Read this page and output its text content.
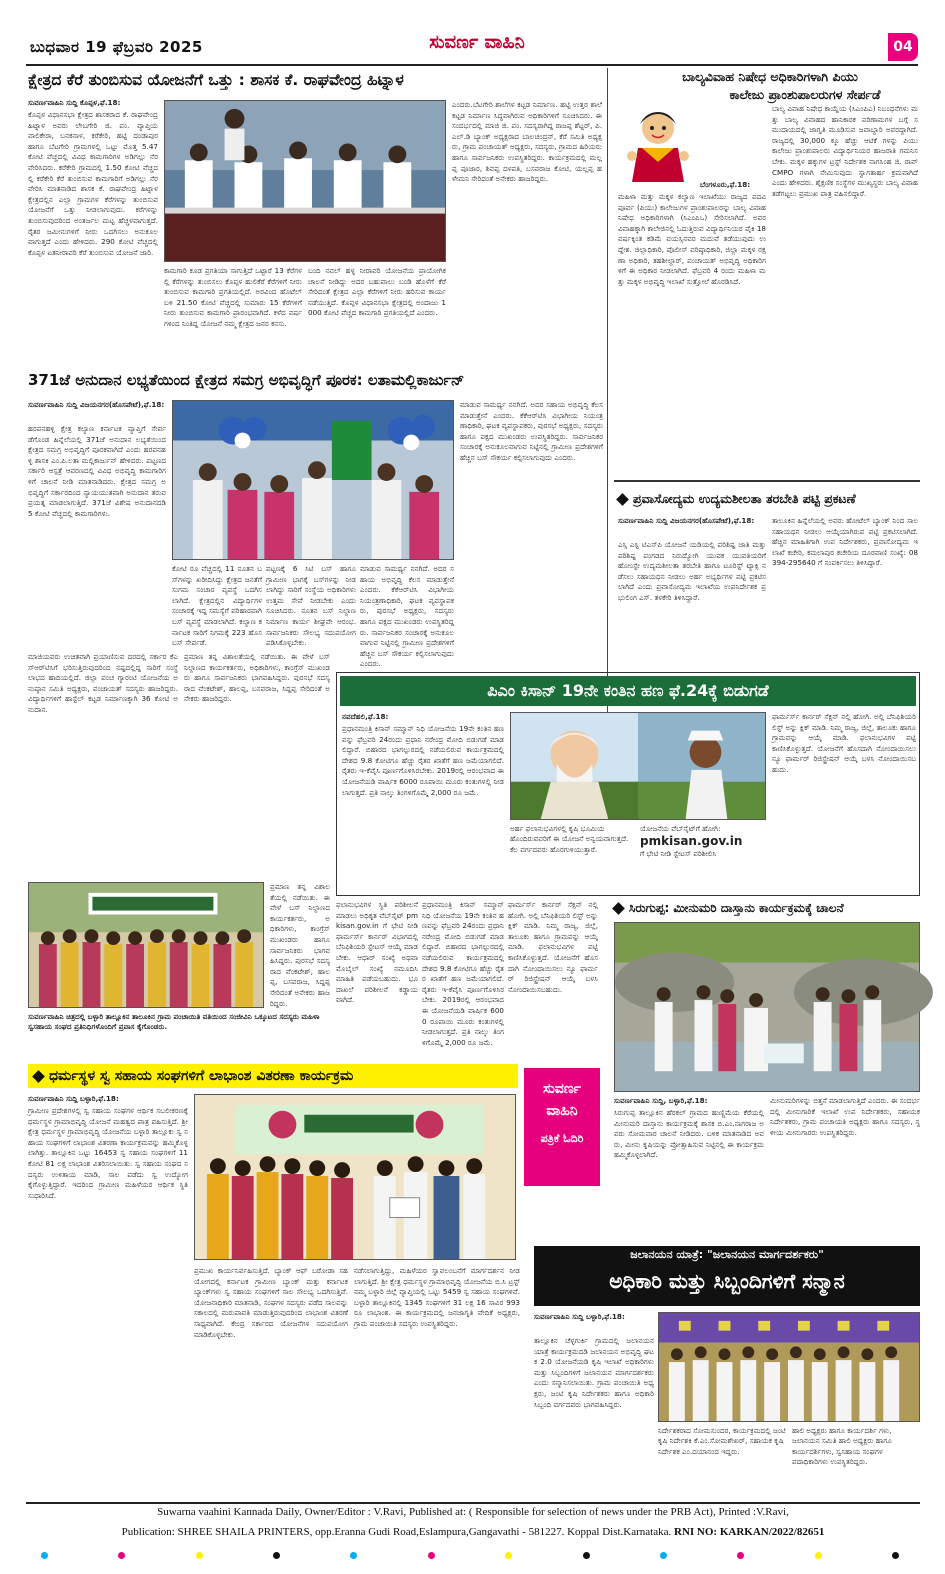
ಬುಧವಾರ 19 ಫೆಬ್ರವರಿ 2025	ಸುವರ್ಣ ವಾಹಿನಿ	04
ಕ್ಷೇತ್ರದ ಕೆರೆ ತುಂಬಿಸುವ ಯೋಜನೆಗೆ ಒತ್ತು : ಶಾಸಕ ಕೆ. ರಾಘವೇಂದ್ರ ಹಿಟ್ನಾಳ
ಸುವರ್ಣವಾಹಿನಿ ಸುದ್ದಿ ಕೊಪ್ಪಳ,ಫೆ.18:
ಕೊಪ್ಪಳ ವಿಧಾನಸಭಾ ಕ್ಷೇತ್ರದ ಶಾಸಕರಾದ ಕೆ. ರಾಘವೇಂದ್ರ ಹಿಟ್ನಾಳ ಅವರು ಲೇಬಗೇರಿ ಜಿ. ಪಂ. ವ್ಯಾಪ್ತಿಯ ವಾಲಿಕೇರಾ, ಬನಕನಾಳ, ಕರೆಕೇರಿ, ಹಟ್ಟಿ ದಂಡಾಪುರ ಹಾಗೂ ಬೆಟಗೇರಿ ಗ್ರಾಮಗಳಲ್ಲಿ ಒಟ್ಟು ಮೊತ್ತ 5.47 ಕೋಟಿ ವೆಚ್ಚದಲ್ಲಿ ವಿವಿಧ ಕಾಮಗಾರಿಗಳ ಅಡಿಗಲ್ಲು ನೆರವೇರಿಸಿದರು. ಕರೆಕೇರಿ ಗ್ರಾಮದಲ್ಲಿ 1.50 ಕೋಟಿ ವೆಚ್ಚದಲ್ಲಿ ಕರೆಕೇರಿ ಕೆರೆ ತುಂಬಿಸುವ ಕಾಮಗಾರಿಗೆ ಅಡಿಗಲ್ಲು ನೆರವೇರಿಸಿ ಮಾತನಾಡಿದ ಶಾಸಕ ಕೆ. ರಾಘವೇಂದ್ರ ಹಿಟ್ನಾಳ ಕ್ಷೇತ್ರದಲ್ಲಿನ ಎಲ್ಲಾ ಗ್ರಾಮಗಳ ಕೆರೆಗಳನ್ನು ತುಂಬಿಸುವ ಯೋಜನೆಗೆ ಒತ್ತು ನೀಡಲಾಗುವುದು. ಕರೆಗಳನ್ನು ತುಂಬಿಸುವುದರಿಂದ ಅಂತರ್ಜಲ ಮಟ್ಟ ಹೆಚ್ಚಳವಾಗುತ್ತದೆ. ರೈತರ ಜಮೀನುಗಳಿಗೆ ನೀರು ಒದಗಿಸಲು ಅನುಕೂಲವಾಗುತ್ತದೆ ಎಂದು ಹೇಳಿದರು. 290 ಕೋಟಿ ವೆಚ್ಚದಲ್ಲಿ ಕೊಪ್ಪಳ ಏತನೀರಾವರಿ ಕೆರೆ ತುಂಬಿಸುವ ಯೋಜನೆ ಜಾರಿ.
ಕಾಮಗಾರಿ ಕೂಡ ಪ್ರಗತಿಯಾ ಸಾಗುತ್ತಿದೆ ಒಟ್ಟಾರೆ 13 ಕೆರೆಗಳಲ್ಲಿ ಕೆರೆಗಳನ್ನು ತುಂಬಿಸಲು ಕೊಪ್ಪಳ ಹುಲಿಕೆರೆ ಕೆರೆಗಳಿಗೆ ನೀರು ತುಂಬಿಸುವ ಕಾಮಗಾರಿ ಪ್ರಗತಿಯಲ್ಲಿದೆ. ಅರವಿಂದ ಹೊಟೆಲ್ ಬಳಿ 21.50 ಕೋಟಿ ವೆಚ್ಚದಲ್ಲಿ ಸುಮಾರು 15 ಕೆರೆಗಳಿಗೆ ನೀರು ತುಂಬಿಸುವ ಕಾಮಗಾರಿ ಪ್ರಾರಂಭವಾಗಿದೆ. ಕಳೆದ ವರ್ಷಗಳಿಂದ ನಿಂತಿದ್ದ ಯೋಜನೆ ನಮ್ಮ ಕ್ಷೇತ್ರದ ಜನರ ಕನಸು.
ಬಂದಿ ನವಲ್ ಹಳ್ಳ ನೀರಾವರಿ ಯೋಜನೆಯ ಪ್ರಾಯೋಗಿಕ ಚಾಲನೆ ನೀಡಿದ್ದು ಅದರ ಬಹುಪಾಲು ಬಂಡಿ ಹೊಳೆಗೆ ಕೆರೆ ಸೇರಿದಂತೆ ಕ್ಷೇತ್ರದ ಎಲ್ಲಾ ಕೆರೆಗಳಿಗೆ ನೀರು ಹರಿಸುವ ಕಾರ್ಯ ನಡೆಯುತ್ತಿದೆ. ಕೊಪ್ಪಳ ವಿಧಾನಸಭಾ ಕ್ಷೇತ್ರದಲ್ಲಿ ಅಂದಾಜು 1000 ಕೋಟಿ ವೆಚ್ಚದ ಕಾಮಗಾರಿ ಪ್ರಗತಿಯಲ್ಲಿದೆ ಎಂದರು.
ಎಂದರು.ಬೆಟಗೇರಿ ಶಾಲೆಗಳ ಕಟ್ಟಡ ನಿರ್ಮಾಣ. ಹಟ್ಟಿ ಉತ್ತರ ಶಾಲೆ ಕಟ್ಟಡ ನಿರ್ಮಾಣ ಸಿದ್ಧವಾಗಿರುವ ಅಧಿಕಾರಿಗಳಿಗೆ ಸೂಚಿಸಿದರು. ಈ ಸಂದರ್ಭದಲ್ಲಿ ಮಾಜಿ ಜಿ. ಪಂ. ಸದಸ್ಯರಾಗಿದ್ದ ರಾಜಪ್ಪ ಶೆಟ್ಟರ್, ಪಿ.ಎಲ್.ಡಿ ಬ್ಯಾಂಕ್ ಅಧ್ಯಕ್ಷರಾದ ಬಾಲಚಂದ್ರನ್, ಕೆರೆ ಸಮಿತಿ ಅಧ್ಯಕ್ಷರು, ಗ್ರಾಮ ಪಂಚಾಯತ್ ಅಧ್ಯಕ್ಷರು, ಸದಸ್ಯರು, ಗ್ರಾಮದ ಹಿರಿಯರು ಹಾಗೂ ಸಾರ್ವಜನಿಕರು ಉಪಸ್ಥಿತರಿದ್ದರು. ಕಾರ್ಯಕ್ರಮದಲ್ಲಿ ಮಲ್ಲಪ್ಪ ಪೂಜಾರ, ಶಿವಪ್ಪ ದಳಪತಿ, ಬಸವರಾಜ ಕೋಟಿ, ಯಲ್ಲಪ್ಪ ಹಳೇಮನಿ ಸೇರಿದಂತೆ ಅನೇಕರು ಹಾಜರಿದ್ದರು.
371ಜೆ ಅನುದಾನ ಲಭ್ಯತೆಯಿಂದ ಕ್ಷೇತ್ರದ ಸಮಗ್ರ ಅಭಿವೃದ್ಧಿಗೆ ಪೂರಕ: ಲತಾಮಲ್ಲಿಕಾರ್ಜುನ್
ಸುವರ್ಣವಾಹಿನಿ ಸುದ್ದಿ ವಿಜಯನಗರ(ಹೊಸಪೇಟೆ),ಫೆ.18:
ಹರಪನಹಳ್ಳಿ ಕ್ಷೇತ್ರ ಕಲ್ಯಾಣ ಕರ್ನಾಟಕ ವ್ಯಾಪ್ತಿಗೆ ಸೇರ್ಪಡೆಗೊಂಡ ಹಿನ್ನೆಲೆಯಲ್ಲಿ 371ಜೆ ಅನುದಾನ ಲಭ್ಯತೆಯಿಂದ ಕ್ಷೇತ್ರದ ಸಮಗ್ರ ಅಭಿವೃದ್ಧಿಗೆ ಪೂರಕವಾಗಿದೆ ಎಂದು ಹರಪನಹಳ್ಳಿ ಶಾಸಕಿ ಎಂ.ಪಿ.ಲತಾ ಮಲ್ಲಿಕಾರ್ಜುನ್ ಹೇಳಿದರು. ಪಟ್ಟಣದ ಸರ್ಕಾರಿ ಆಸ್ಪತ್ರೆ ಆವರಣದಲ್ಲಿ ವಿವಿಧ ಅಭಿವೃದ್ಧಿ ಕಾಮಗಾರಿಗಳಿಗೆ ಚಾಲನೆ ನೀಡಿ ಮಾತನಾಡಿದರು. ಕ್ಷೇತ್ರದ ಸಮಗ್ರ ಅಭಿವೃದ್ಧಿಗೆ ಸರ್ಕಾರದಿಂದ ನ್ಯಾಯಯುತವಾಗಿ ಅನುದಾನ ತರುವ ಪ್ರಯತ್ನ ಮಾಡಲಾಗುತ್ತಿದೆ. 371ಜೆ ವಿಶೇಷ ಅನುದಾನದಡಿ 5 ಕೋಟಿ ವೆಚ್ಚದಲ್ಲಿ ಕಾಮಗಾರಿಗಳು.
ಕೋಟಿ ರೂ ವೆಚ್ಚದಲ್ಲಿ 11 ನೂತನ ಬಸ್‌ಗಳನ್ನು ಖರೀದಿಸಿದ್ದು ಕ್ಷೇತ್ರದ ಜನತೆಗೆ ಸುಗಮ ಸಂಚಾರ ವ್ಯವಸ್ಥೆ ಒದಗಿಸಲಾಗಿದೆ. ಕ್ಷೇತ್ರದಲ್ಲಿನ ವಿದ್ಯಾರ್ಥಿಗಳ ಸಂಚಾರಕ್ಕೆ ಇದ್ದ ಸಮಸ್ಯೆಗೆ ಪರಿಹಾರವಾಗಿ ಬಸ್ ವ್ಯವಸ್ಥೆ ಮಾಡಲಾಗಿದೆ. ಕಲ್ಯಾಣ ಕರ್ನಾಟಕ ಸಾರಿಗೆ ನಿಗಮಕ್ಕೆ 223 ಹೊಸ ಬಸ್ ಸೇರ್ಪಡೆ.
ಪಟ್ಟಣಕ್ಕೆ 6 ಸಿಟಿ ಬಸ್ ಹಾಗೂ ಗ್ರಾಮೀಣ ಭಾಗಕ್ಕೆ ಬಸ್‌ಗಳನ್ನು ನೀಡಲಾಗಿದ್ದು ಸಾರಿಗೆ ಸಂಸ್ಥೆಯ ಅಧಿಕಾರಿಗಳು ಉತ್ತಮ ಸೇವೆ ನೀಡಬೇಕು ಎಂದು ಸೂಚಿಸಿದರು. ನೂತನ ಬಸ್ ನಿಲ್ದಾಣ ನಿರ್ಮಾಣ ಕಾರ್ಯ ಶೀಘ್ರವೇ ಆರಂಭ. ಸಾರ್ವಜನಿಕರು ಸೌಲಭ್ಯ ಸದುಪಯೋಗ ಪಡಿಸಿಕೊಳ್ಳಬೇಕು.
ಮಾಡುವ ಸಾಮರ್ಥ್ಯ ನನಗಿದೆ. ಅದರ ಸಹಾಯ ಅಭಿವೃದ್ಧಿ ಕೆಲಸ ಮಾಡುತ್ತೇನೆ ಎಂದರು. ಕೆಕೆಆರ್‌ಟಿಸಿ ವಿಭಾಗೀಯ ನಿಯಂತ್ರಣಾಧಿಕಾರಿ, ಘಟಕ ವ್ಯವಸ್ಥಾಪಕರು, ಪುರಸಭೆ ಅಧ್ಯಕ್ಷರು, ಸದಸ್ಯರು ಹಾಗೂ ಪಕ್ಷದ ಮುಖಂಡರು ಉಪಸ್ಥಿತರಿದ್ದರು. ಸಾರ್ವಜನಿಕರ ಸಂಚಾರಕ್ಕೆ ಅನುಕೂಲವಾಗುವ ನಿಟ್ಟಿನಲ್ಲಿ ಗ್ರಾಮೀಣ ಪ್ರದೇಶಗಳಿಗೆ ಹೆಚ್ಚಿನ ಬಸ್ ಸೌಕರ್ಯ ಕಲ್ಪಿಸಲಾಗುವುದು ಎಂದರು.
ಮಾಡುವ ಸಾಮರ್ಥ್ಯ ನನಗಿದೆ. ಅದರ ಸಹಾಯ ಅಭಿವೃದ್ಧಿ ಕೆಲಸ ಮಾಡುತ್ತೇನೆ ಎಂದರು. ಕೆಕೆಆರ್‌ಟಿಸಿ ವಿಭಾಗೀಯ ನಿಯಂತ್ರಣಾಧಿಕಾರಿ, ಘಟಕ ವ್ಯವಸ್ಥಾಪಕರು, ಪುರಸಭೆ ಅಧ್ಯಕ್ಷರು, ಸದಸ್ಯರು ಹಾಗೂ ಪಕ್ಷದ ಮುಖಂಡರು ಉಪಸ್ಥಿತರಿದ್ದರು. ಸಾರ್ವಜನಿಕರ ಸಂಚಾರಕ್ಕೆ ಅನುಕೂಲವಾಗುವ ನಿಟ್ಟಿನಲ್ಲಿ ಗ್ರಾಮೀಣ ಪ್ರದೇಶಗಳಿಗೆ ಹೆಚ್ಚಿನ ಬಸ್ ಸೌಕರ್ಯ ಕಲ್ಪಿಸಲಾಗುವುದು ಎಂದರು.
ಮಾಜಿಯವರು ಉಚಿತವಾಗಿ ಪ್ರಯಾಣಿಸುವ ದರದಲ್ಲಿ ಸರ್ಕಾರ ಕೆಎಸ್‌ಆರ್‌ಟಿಸಿಗೆ ಭರಿಸುತ್ತಿರುವುದರಿಂದ ನಷ್ಟದಲ್ಲಿದ್ದ ಸಾರಿಗೆ ಸಂಸ್ಥೆ ಲಾಭದ ಹಾದಿಯಲ್ಲಿದೆ. ಜಿಲ್ಲಾ ಪಂಚ ಗ್ಯಾರಂಟಿ ಯೋಜನೆಯ ಅನುಷ್ಠಾನ ಸಮಿತಿ ಅಧ್ಯಕ್ಷರು, ಪಂಚಾಯತ್ ಸದಸ್ಯರು ಹಾಜರಿದ್ದರು. ವಿದ್ಯಾರ್ಥಿಗಳಿಗೆ ಹಾಸ್ಟೆಲ್ ಕಟ್ಟಡ ನಿರ್ಮಾಣಕ್ಕಾಗಿ 36 ಕೋಟಿ ಅನುದಾನ.
ಪ್ರಮಾಣ ತನ್ನ ವಿಶಾಲತೆಯಲ್ಲಿ ನಡೆಯಿತು. ಈ ವೇಳೆ ಬಸ್ ನಿಲ್ದಾಣದ ಕಾರ್ಯಕರ್ತರು, ಅಧಿಕಾರಿಗಳು, ಕಾಂಗ್ರೆಸ್ ಮುಖಂಡರು ಹಾಗೂ ಸಾರ್ವಜನಿಕರು ಭಾಗವಹಿಸಿದ್ದರು. ಪುರಸಭೆ ಸದಸ್ಯರಾದ ವೆಂಕಟೇಶ್, ಹಾಲಪ್ಪ, ಬಸವರಾಜ, ಸಿದ್ದಪ್ಪ ಸೇರಿದಂತೆ ಅನೇಕರು ಹಾಜರಿದ್ದರು.
ಬಾಲ್ಯವಿವಾಹ ನಿಷೇಧ ಅಧಿಕಾರಿಗಳಾಗಿ ಪಿಯು
ಕಾಲೇಜು ಪ್ರಾಂಶುಪಾಲರುಗಳ ಸೇರ್ಪಡೆ
ಬೆಂಗಳೂರು,ಫೆ.18:
ಮಹಿಳಾ ಮತ್ತು ಮಕ್ಕಳ ಕಲ್ಯಾಣ ಇಲಾಖೆಯು ರಾಜ್ಯದ ಪದವಿ ಪೂರ್ವ (ಪಿಯು) ಕಾಲೇಜುಗಳ ಪ್ರಾಂಶುಪಾಲರನ್ನು ಬಾಲ್ಯ ವಿವಾಹ ನಿಷೇಧ ಅಧಿಕಾರಿಗಳಾಗಿ (ಸಿಎಂಪಿಒ) ಸೇರಿಸಲಾಗಿದೆ. ಅವರ ವಿವಾಹಕ್ಕಾಗಿ ಕಾಲೇಜಿನಲ್ಲಿ ಓದುತ್ತಿರುವ ವಿದ್ಯಾರ್ಥಿನಿಯರ ಪೈಕಿ 18 ವರ್ಷಕ್ಕಿಂತ ಕಡಿಮೆ ವಯಸ್ಸಿನವರ ಮದುವೆ ತಡೆಯುವುದು ಉದ್ದೇಶ. ಜಿಲ್ಲಾಧಿಕಾರಿ, ಪೊಲೀಸ್ ವರಿಷ್ಠಾಧಿಕಾರಿ, ಜಿಲ್ಲಾ ಮಕ್ಕಳ ರಕ್ಷಣಾ ಅಧಿಕಾರಿ, ತಹಶೀಲ್ದಾರ್, ಪಂಚಾಯತ್ ಅಭಿವೃದ್ಧಿ ಅಧಿಕಾರಿಗಳಿಗೆ ಈ ಅಧಿಕಾರ ನೀಡಲಾಗಿದೆ. ಫೆಬ್ರವರಿ 4 ರಂದು ಮಹಿಳಾ ಮತ್ತು ಮಕ್ಕಳ ಅಭಿವೃದ್ಧಿ ಇಲಾಖೆ ಸುತ್ತೋಲೆ ಹೊರಡಿಸಿದೆ.
ಬಾಲ್ಯ ವಿವಾಹ ನಿಷೇಧ ಕಾಯ್ದೆಯ (ಸಿಎಂಪಿಎ) ನಿಬಂಧನೆಗಳು ಮತ್ತು ಬಾಲ್ಯ ವಿವಾಹದ ಹಾನಿಕಾರಕ ಪರಿಣಾಮಗಳ ಬಗ್ಗೆ ಸಮುದಾಯದಲ್ಲಿ ಜಾಗೃತಿ ಮೂಡಿಸುವ ಜವಾಬ್ದಾರಿ ಅವರದ್ದಾಗಿದೆ. ರಾಜ್ಯದಲ್ಲಿ 30,000 ಕ್ಕೂ ಹೆಚ್ಚು ಆಟಿಕೆ ಗಳನ್ನು ಪಿಯು ಕಾಲೇಜು ಪ್ರಾಂಶುಪಾಲರು ವಿದ್ಯಾರ್ಥಿನಿಯರ ಹಾಜರಾತಿ ಗಮನಿಸಬೇಕು. ಮಕ್ಕಳ ಹಕ್ಕುಗಳ ಟ್ರಸ್ಟ್ ನಿರ್ದೇಶಕ ನಾಗಸಿಂಹ ಜಿ. ರಾವ್ CMPO ಗಳಾಗಿ ನೇಮಿಸುವುದು ಸ್ವಾಗತಾರ್ಹ ಕ್ರಮವಾಗಿದೆ ಎಂದು ಹೇಳಿದರು. ಶೈಕ್ಷಣಿಕ ಸಂಸ್ಥೆಗಳ ಮುಖ್ಯಸ್ಥರು ಬಾಲ್ಯ ವಿವಾಹ ತಡೆಗಟ್ಟಲು ಪ್ರಮುಖ ಪಾತ್ರ ವಹಿಸಲಿದ್ದಾರೆ.
ಪ್ರವಾಸೋದ್ಯಮ ಉದ್ಯಮಶೀಲತಾ ತರಬೇತಿ ಪಟ್ಟಿ ಪ್ರಕಟಣೆ
ಸುವರ್ಣವಾಹಿನಿ ಸುದ್ದಿ ವಿಜಯನಗರ(ಹೊಸಪೇಟೆ),ಫೆ.18:
ಎಸ್ಸಿ ಎಸ್ಟಿ ಟಿಎಸ್‌ಪಿ ಯೋಜನೆ ಯಡಿಯಲ್ಲಿ ಪರಿಶಿಷ್ಟ ಜಾತಿ ಮತ್ತು ಪರಿಶಿಷ್ಟ ಪಂಗಡದ ನಿರುದ್ಯೋಗಿ ಯುವಕ ಯುವತಿಯರಿಗೆ ಹೋಂಸ್ಟೇ ಉದ್ಯಮಶೀಲತಾ ತರಬೇತಿ ಹಾಗೂ ಟೂರಿಸ್ಟ್ ಟ್ಯಾಕ್ಸಿ ನಡೆಸಲು ಸಹಾಯಧನ ನೀಡಲು ಅರ್ಹ ಅಭ್ಯರ್ಥಿಗಳ ಪಟ್ಟಿ ಪ್ರಕಟಿಸಲಾಗಿದೆ ಎಂದು ಪ್ರವಾಸೋದ್ಯಮ ಇಲಾಖೆಯ ಉಪನಿರ್ದೇಶಕ ಪ್ರಭುಲಿಂಗ ಎಸ್. ತಳಕೇರಿ ತಿಳಿಸಿದ್ದಾರೆ.
ತಾಲೂಕಿನ ಹಿನ್ನೆಲೆಯಲ್ಲಿ ಅವರು ಹೋಟೆಲ್ ಬ್ಯಾಂಕ್ ನಿಂದ ಸಾಲ ಸಹಾಯಧನ ನೀಡಲು ಆಯ್ಕೆಯಾಗಿರುವ ಪಟ್ಟಿ ಪ್ರಕಟಿಸಲಾಗಿದೆ. ಹೆಚ್ಚಿನ ಮಾಹಿತಿಗಾಗಿ ಉಪ ನಿರ್ದೇಶಕರು, ಪ್ರವಾಸೋದ್ಯಮ ಇಲಾಖೆ ಕಚೇರಿ, ಕಮಲಾಪುರ ಕಚೇರಿಯ ದೂರವಾಣಿ ಸಂಖ್ಯೆ: 08394-295640 ಗೆ ಸಂಪರ್ಕಿಸಲು ತಿಳಿಸಿದ್ದಾರೆ.
ಪಿಎಂ ಕಿಸಾನ್ 19ನೇ ಕಂತಿನ ಹಣ ಫೆ.24ಕ್ಕೆ ಬಿಡುಗಡೆ
ನವದೆಹಲಿ,ಫೆ.18:
ಪ್ರಧಾನಮಂತ್ರಿ ಕಿಸಾನ್ ಸಮ್ಮಾನ್ ನಿಧಿ ಯೋಜನೆಯ 19ನೇ ಕಂತಿನ ಹಣವನ್ನು ಫೆಬ್ರವರಿ 24ರಂದು ಪ್ರಧಾನಿ ನರೇಂದ್ರ ಮೋದಿ ಬಿಡುಗಡೆ ಮಾಡಲಿದ್ದಾರೆ. ಬಿಹಾರದ ಭಾಗಲ್ಪುರದಲ್ಲಿ ನಡೆಯಲಿರುವ ಕಾರ್ಯಕ್ರಮದಲ್ಲಿ ದೇಶದ 9.8 ಕೋಟಿಗೂ ಹೆಚ್ಚು ರೈತರ ಖಾತೆಗೆ ಹಣ ಜಮೆಯಾಗಲಿದೆ. ರೈತರು ಇ-ಕೆವೈಸಿ ಪೂರ್ಣಗೊಳಿಸಿರಬೇಕು. 2019ರಲ್ಲಿ ಆರಂಭವಾದ ಈ ಯೋಜನೆಯಡಿ ವಾರ್ಷಿಕ 6000 ರೂಪಾಯಿ ಮೂರು ಕಂತುಗಳಲ್ಲಿ ನೀಡಲಾಗುತ್ತದೆ. ಪ್ರತಿ ನಾಲ್ಕು ತಿಂಗಳಿಗೊಮ್ಮೆ 2,000 ರೂ ಜಮೆ.
ಅರ್ಹ ಫಲಾನುಭವಿಗಳಲ್ಲಿ ಕೃಷಿ ಭೂಮಿಯ ಹೊಂದಿರುವವರಿಗೆ ಈ ಯೋಜನೆ ಅನ್ವಯವಾಗುತ್ತದೆ. ಕೆಲ ವರ್ಗದವರು ಹೊರಗುಳಿಯುತ್ತಾರೆ.
ಯೋಜನೆಯ ವೆಬ್‌ಸೈಟ್‌ಗೆ ಹೋಗಿ:
pmkisan.gov.in
ಗೆ ಭೇಟಿ ನೀಡಿ ಸ್ಟೇಟಸ್ ಪರಿಶೀಲಿಸಿ
ಫಾರ್ಮರ್ಸ್ ಕಾರ್ನರ್ ಸೆಕ್ಷನ್ ನಲ್ಲಿ ಹೋಗಿ. ಅಲ್ಲಿ ಬೆನಿಫಿಶಿಯರಿ ಲಿಸ್ಟ್ ಅನ್ನು ಕ್ಲಿಕ್ ಮಾಡಿ. ನಿಮ್ಮ ರಾಜ್ಯ, ಜಿಲ್ಲೆ, ತಾಲೂಕು ಹಾಗೂ ಗ್ರಾಮವನ್ನು ಆಯ್ಕೆ ಮಾಡಿ. ಫಲಾನುಭವಿಗಳ ಪಟ್ಟಿ ಕಾಣಿಸಿಕೊಳ್ಳುತ್ತದೆ. ಯೋಜನೆಗೆ ಹೊಸದಾಗಿ ನೋಂದಾಯಿಸಲು ನ್ಯೂ ಫಾರ್ಮರ್ ರಿಜಿಸ್ಟ್ರೇಷನ್ ಆಯ್ಕೆ ಬಳಸಿ ನೋಂದಾಯಿಸಬಹುದು.
ಪ್ರಮಾಣ ತನ್ನ ವಿಶಾಲತೆಯಲ್ಲಿ ನಡೆಯಿತು. ಈ ವೇಳೆ ಬಸ್ ನಿಲ್ದಾಣದ ಕಾರ್ಯಕರ್ತರು, ಅಧಿಕಾರಿಗಳು, ಕಾಂಗ್ರೆಸ್ ಮುಖಂಡರು ಹಾಗೂ ಸಾರ್ವಜನಿಕರು ಭಾಗವಹಿಸಿದ್ದರು. ಪುರಸಭೆ ಸದಸ್ಯರಾದ ವೆಂಕಟೇಶ್, ಹಾಲಪ್ಪ, ಬಸವರಾಜ, ಸಿದ್ದಪ್ಪ ಸೇರಿದಂತೆ ಅನೇಕರು ಹಾಜರಿದ್ದರು.
ಸುವರ್ಣವಾಹಿನಿ ಚಿತ್ರದಲ್ಲಿ ಬಳ್ಳಾರಿ ತಾಲ್ಲೂಕಿನ ತಾಲೂಕಿನ ಗ್ರಾಮ ಪಂಚಾಯಿತಿ ವತಿಯಿಂದ ಸಂಜೀವಿನಿ ಒಕ್ಕೂಟದ ಸದಸ್ಯರು ಮಹಿಳಾ ಸ್ವಸಹಾಯ ಸಂಘದ ಪ್ರತಿನಿಧಿಗಳೊಂದಿಗೆ ಪ್ರವಾಸ ಕೈಗೊಂಡರು.
ಫಲಾನುಭವಿಗಳ ಸ್ಥಿತಿ ಪರಿಶೀಲನೆ ಮಾಡಲು ಅಧಿಕೃತ ವೆಬ್‌ಸೈಟ್ pmkisan.gov.in ಗೆ ಭೇಟಿ ನೀಡಿ ಫಾರ್ಮರ್ಸ್ ಕಾರ್ನರ್ ವಿಭಾಗದಲ್ಲಿ ಬೆನಿಫಿಶಿಯರಿ ಸ್ಟೇಟಸ್ ಆಯ್ಕೆ ಮಾಡಬೇಕು. ಆಧಾರ್ ಸಂಖ್ಯೆ ಅಥವಾ ಮೊಬೈಲ್ ಸಂಖ್ಯೆ ನಮೂದಿಸಿ ಮಾಹಿತಿ ಪಡೆಯಬಹುದು. ಭೂ ದಾಖಲೆ ಪರಿಶೀಲನೆ ಕಡ್ಡಾಯವಾಗಿದೆ.
ಪ್ರಧಾನಮಂತ್ರಿ ಕಿಸಾನ್ ಸಮ್ಮಾನ್ ನಿಧಿ ಯೋಜನೆಯ 19ನೇ ಕಂತಿನ ಹಣವನ್ನು ಫೆಬ್ರವರಿ 24ರಂದು ಪ್ರಧಾನಿ ನರೇಂದ್ರ ಮೋದಿ ಬಿಡುಗಡೆ ಮಾಡಲಿದ್ದಾರೆ. ಬಿಹಾರದ ಭಾಗಲ್ಪುರದಲ್ಲಿ ನಡೆಯಲಿರುವ ಕಾರ್ಯಕ್ರಮದಲ್ಲಿ ದೇಶದ 9.8 ಕೋಟಿಗೂ ಹೆಚ್ಚು ರೈತರ ಖಾತೆಗೆ ಹಣ ಜಮೆಯಾಗಲಿದೆ. ರೈತರು ಇ-ಕೆವೈಸಿ ಪೂರ್ಣಗೊಳಿಸಿರಬೇಕು. 2019ರಲ್ಲಿ ಆರಂಭವಾದ ಈ ಯೋಜನೆಯಡಿ ವಾರ್ಷಿಕ 6000 ರೂಪಾಯಿ ಮೂರು ಕಂತುಗಳಲ್ಲಿ ನೀಡಲಾಗುತ್ತದೆ. ಪ್ರತಿ ನಾಲ್ಕು ತಿಂಗಳಿಗೊಮ್ಮೆ 2,000 ರೂ ಜಮೆ.
ಫಾರ್ಮರ್ಸ್ ಕಾರ್ನರ್ ಸೆಕ್ಷನ್ ನಲ್ಲಿ ಹೋಗಿ. ಅಲ್ಲಿ ಬೆನಿಫಿಶಿಯರಿ ಲಿಸ್ಟ್ ಅನ್ನು ಕ್ಲಿಕ್ ಮಾಡಿ. ನಿಮ್ಮ ರಾಜ್ಯ, ಜಿಲ್ಲೆ, ತಾಲೂಕು ಹಾಗೂ ಗ್ರಾಮವನ್ನು ಆಯ್ಕೆ ಮಾಡಿ. ಫಲಾನುಭವಿಗಳ ಪಟ್ಟಿ ಕಾಣಿಸಿಕೊಳ್ಳುತ್ತದೆ. ಯೋಜನೆಗೆ ಹೊಸದಾಗಿ ನೋಂದಾಯಿಸಲು ನ್ಯೂ ಫಾರ್ಮರ್ ರಿಜಿಸ್ಟ್ರೇಷನ್ ಆಯ್ಕೆ ಬಳಸಿ ನೋಂದಾಯಿಸಬಹುದು.
ಸಿರುಗುಪ್ಪ: ಮೀನುಮರಿ ದಾಸ್ತಾನು ಕಾರ್ಯಕ್ರಮಕ್ಕೆ ಚಾಲನೆ
ಸುವರ್ಣವಾಹಿನಿ ಸುದ್ದಿ, ಬಳ್ಳಾರಿ,ಫೆ.18:
ಸಿರುಗುಪ್ಪ ತಾಲ್ಲೂಕಿನ ಹೆರಕಲ್ ಗ್ರಾಮದ ಹುಣ್ಣಿಮೆಯ ಕೆರೆಯಲ್ಲಿ ಮೀನುಮರಿ ದಾಸ್ತಾನು ಕಾರ್ಯಕ್ರಮಕ್ಕೆ ಶಾಸಕ ಬಿ.ಎಂ.ನಾಗರಾಜ ಅವರು ಸೋಮವಾರ ಚಾಲನೆ ನೀಡಿದರು. ಬಳಿಕ ಮಾತನಾಡಿದ ಅವರು, ಮೀನು ಕೃಷಿಯನ್ನು ಪ್ರೋತ್ಸಾಹಿಸುವ ನಿಟ್ಟಿನಲ್ಲಿ ಈ ಕಾರ್ಯಕ್ರಮ ಹಮ್ಮಿಕೊಳ್ಳಲಾಗಿದೆ.
ಮೀನುಮರಿಗಳನ್ನು ಬಿತ್ತನೆ ಮಾಡಲಾಗುತ್ತಿದೆ ಎಂದರು. ಈ ಸಂದರ್ಭದಲ್ಲಿ ಮೀನುಗಾರಿಕೆ ಇಲಾಖೆ ಉಪ ನಿರ್ದೇಶಕರು, ಸಹಾಯಕ ನಿರ್ದೇಶಕರು, ಗ್ರಾಮ ಪಂಚಾಯತಿ ಅಧ್ಯಕ್ಷರು ಹಾಗೂ ಸದಸ್ಯರು, ಸ್ಥಳೀಯ ಮೀನುಗಾರರು ಉಪಸ್ಥಿತರಿದ್ದರು.
ಸುವರ್ಣ
ವಾಹಿನಿ
ಪತ್ರಿಕೆ ಓದಿರಿ
ಧರ್ಮಸ್ಥಳ ಸ್ವ ಸಹಾಯ ಸಂಘಗಳಿಗೆ ಲಾಭಾಂಶ ವಿತರಣಾ ಕಾರ್ಯಕ್ರಮ
ಸುವರ್ಣವಾಹಿನಿ ಸುದ್ದಿ ಬಳ್ಳಾರಿ,ಫೆ.18:
ಗ್ರಾಮೀಣ ಪ್ರದೇಶಗಳಲ್ಲಿ ಸ್ವ ಸಹಾಯ ಸಂಘಗಳ ಆರ್ಥಿಕ ಸಬಲೀಕರಣಕ್ಕೆ ಧರ್ಮಸ್ಥಳ ಗ್ರಾಮಾಭಿವೃದ್ಧಿ ಯೋಜನೆ ಮಹತ್ವದ ಪಾತ್ರ ವಹಿಸುತ್ತಿದೆ. ಶ್ರೀ ಕ್ಷೇತ್ರ ಧರ್ಮಸ್ಥಳ ಗ್ರಾಮಾಭಿವೃದ್ಧಿ ಯೋಜನೆಯ ಬಳ್ಳಾರಿ ತಾಲ್ಲೂಕು ಸ್ವ ಸಹಾಯ ಸಂಘಗಳಿಗೆ ಲಾಭಾಂಶ ವಿತರಣಾ ಕಾರ್ಯಕ್ರಮವನ್ನು ಹಮ್ಮಿಕೊಳ್ಳಲಾಗಿತ್ತು. ತಾಲ್ಲೂಕಿನ ಒಟ್ಟು 16453 ಸ್ವ ಸಹಾಯ ಸಂಘಗಳಿಗೆ 11 ಕೋಟಿ 81 ಲಕ್ಷ ಲಾಭಾಂಶ ವಿತರಿಸಲಾಯಿತು. ಸ್ವ ಸಹಾಯ ಸಂಘದ ಸದಸ್ಯರು ಉಳಿತಾಯ ಮಾಡಿ, ಸಾಲ ಪಡೆದು ಸ್ವ ಉದ್ಯೋಗ ಕೈಗೊಳ್ಳುತ್ತಿದ್ದಾರೆ. ಇದರಿಂದ ಗ್ರಾಮೀಣ ಮಹಿಳೆಯರ ಆರ್ಥಿಕ ಸ್ಥಿತಿ ಸುಧಾರಿಸಿದೆ.
ಪ್ರಮುಖ ಕಾರ್ಯನಿರ್ವಹಿಸುತ್ತಿದೆ. ಬ್ಯಾಂಕ್ ಆಫ್ ಬರೋಡಾ ಸಹಯೋಗದಲ್ಲಿ ಕರ್ನಾಟಕ ಗ್ರಾಮೀಣ ಬ್ಯಾಂಕ್ ಮತ್ತು ಕರ್ನಾಟಕ ಬ್ಯಾಂಕ್‌ಗಳು ಸ್ವ ಸಹಾಯ ಸಂಘಗಳಿಗೆ ಸಾಲ ಸೌಲಭ್ಯ ಒದಗಿಸುತ್ತಿವೆ. ಯೋಜನಾಧಿಕಾರಿ ಮಾತನಾಡಿ, ಸಂಘಗಳ ಸದಸ್ಯರು ಪಡೆದ ಸಾಲವನ್ನು ಸಕಾಲದಲ್ಲಿ ಮರುಪಾವತಿ ಮಾಡುತ್ತಿರುವುದರಿಂದ ಲಾಭಾಂಶ ವಿತರಣೆ ಸಾಧ್ಯವಾಗಿದೆ. ಕೇಂದ್ರ ಸರ್ಕಾರದ ಯೋಜನೆಗಳ ಸದುಪಯೋಗ ಮಾಡಿಕೊಳ್ಳಬೇಕು.
ನಡೆಸಲಾಗುತ್ತಿದ್ದು, ಮಹಿಳೆಯರ ಸ್ವಾವಲಂಬನೆಗೆ ಮಾರ್ಗದರ್ಶನ ನೀಡಲಾಗುತ್ತಿದೆ. ಶ್ರೀ ಕ್ಷೇತ್ರ ಧರ್ಮಸ್ಥಳ ಗ್ರಾಮಾಭಿವೃದ್ಧಿ ಯೋಜನೆಯ ಬಿ.ಸಿ ಟ್ರಸ್ಟ್ ನಮ್ಮ ಬಳ್ಳಾರಿ ಜಿಲ್ಲೆ ವ್ಯಾಪ್ತಿಯಲ್ಲಿ ಒಟ್ಟು 5459 ಸ್ವ ಸಹಾಯ ಸಂಘಗಳಿವೆ. ಬಳ್ಳಾರಿ ತಾಲ್ಲೂಕಿನಲ್ಲಿ 1345 ಸಂಘಗಳಿಗೆ 31 ಲಕ್ಷ 16 ಸಾವಿರ 993 ರೂ ಲಾಭಾಂಶ. ಈ ಕಾರ್ಯಕ್ರಮದಲ್ಲಿ ಜನಜಾಗೃತಿ ವೇದಿಕೆ ಅಧ್ಯಕ್ಷರು, ಗ್ರಾಮ ಪಂಚಾಯಿತಿ ಸದಸ್ಯರು ಉಪಸ್ಥಿತರಿದ್ದರು.
ಜಲಾನಯನ ಯಾತ್ರೆ: "ಜಲಾನಯನ ಮಾರ್ಗದರ್ಶಕರು"
ಅಧಿಕಾರಿ ಮತ್ತು ಸಿಬ್ಬಂದಿಗಳಿಗೆ ಸನ್ಮಾನ
ಸುವರ್ಣವಾಹಿನಿ ಸುದ್ದಿ ಬಳ್ಳಾರಿ,ಫೆ.18:
ತಾಲ್ಲೂಕಿನ ಚೆಳ್ಳಗುರ್ಕಿ ಗ್ರಾಮದಲ್ಲಿ ಜಲಾನಯನ ಯಾತ್ರೆ ಕಾರ್ಯಕ್ರಮದಡಿ ಜಲಾನಯನ ಅಭಿವೃದ್ಧಿ ಘಟಕ 2.0 ಯೋಜನೆಯಡಿ ಕೃಷಿ ಇಲಾಖೆ ಅಧಿಕಾರಿಗಳು ಮತ್ತು ಸಿಬ್ಬಂದಿಗಳಿಗೆ ಜಲಾನಯನ ಮಾರ್ಗದರ್ಶಕರು ಎಂದು ಸನ್ಮಾನಿಸಲಾಯಿತು. ಗ್ರಾಮ ಪಂಚಾಯಿತಿ ಅಧ್ಯಕ್ಷರು, ಜಂಟಿ ಕೃಷಿ ನಿರ್ದೇಶಕರು ಹಾಗೂ ಅಧಿಕಾರಿ ಸಿಬ್ಬಂದಿ ವರ್ಗದವರು ಭಾಗವಹಿಸಿದ್ದರು.
ನಿರ್ದೇಶಕರಾದ ಸೋಮಸುಂದರ, ಕಾರ್ಯಕ್ರಮದಲ್ಲಿ ಜಂಟಿ ಕೃಷಿ ನಿರ್ದೇಶಕಿ ಕೆ.ಎಂ.ಸೋಮಶೇಖರ್, ಸಹಾಯಕ ಕೃಷಿ ನಿರ್ದೇಶಕ ಎಂ.ದಯಾನಂದ ಇದ್ದರು.
ಹಾಲಿ ಅಧ್ಯಕ್ಷರು ಹಾಗೂ ಕಾರ್ಯದರ್ಶಿ ಗಳು, ಜಲಾನಯನ ಸಮಿತಿ ಹಾಲಿ ಅಧ್ಯಕ್ಷರು ಹಾಗೂ ಕಾರ್ಯದರ್ಶಿಗಳು, ಸ್ವಸಹಾಯ ಸಂಘಗಳ ಪದಾಧಿಕಾರಿಗಳು ಉಪಸ್ಥಿತರಿದ್ದರು.
Suwarna vaahini Kannada Daily, Owner/Editor : V.Ravi, Published at: ( Responsible for selection of news under the PRB Act), Printed :V.Ravi,
Publication: SHREE SHAILA PRINTERS, opp.Eranna Gudi Road,Eslampura,Gangavathi - 581227. Koppal Dist.Karnataka. RNI NO: KARKAN/2022/82651
